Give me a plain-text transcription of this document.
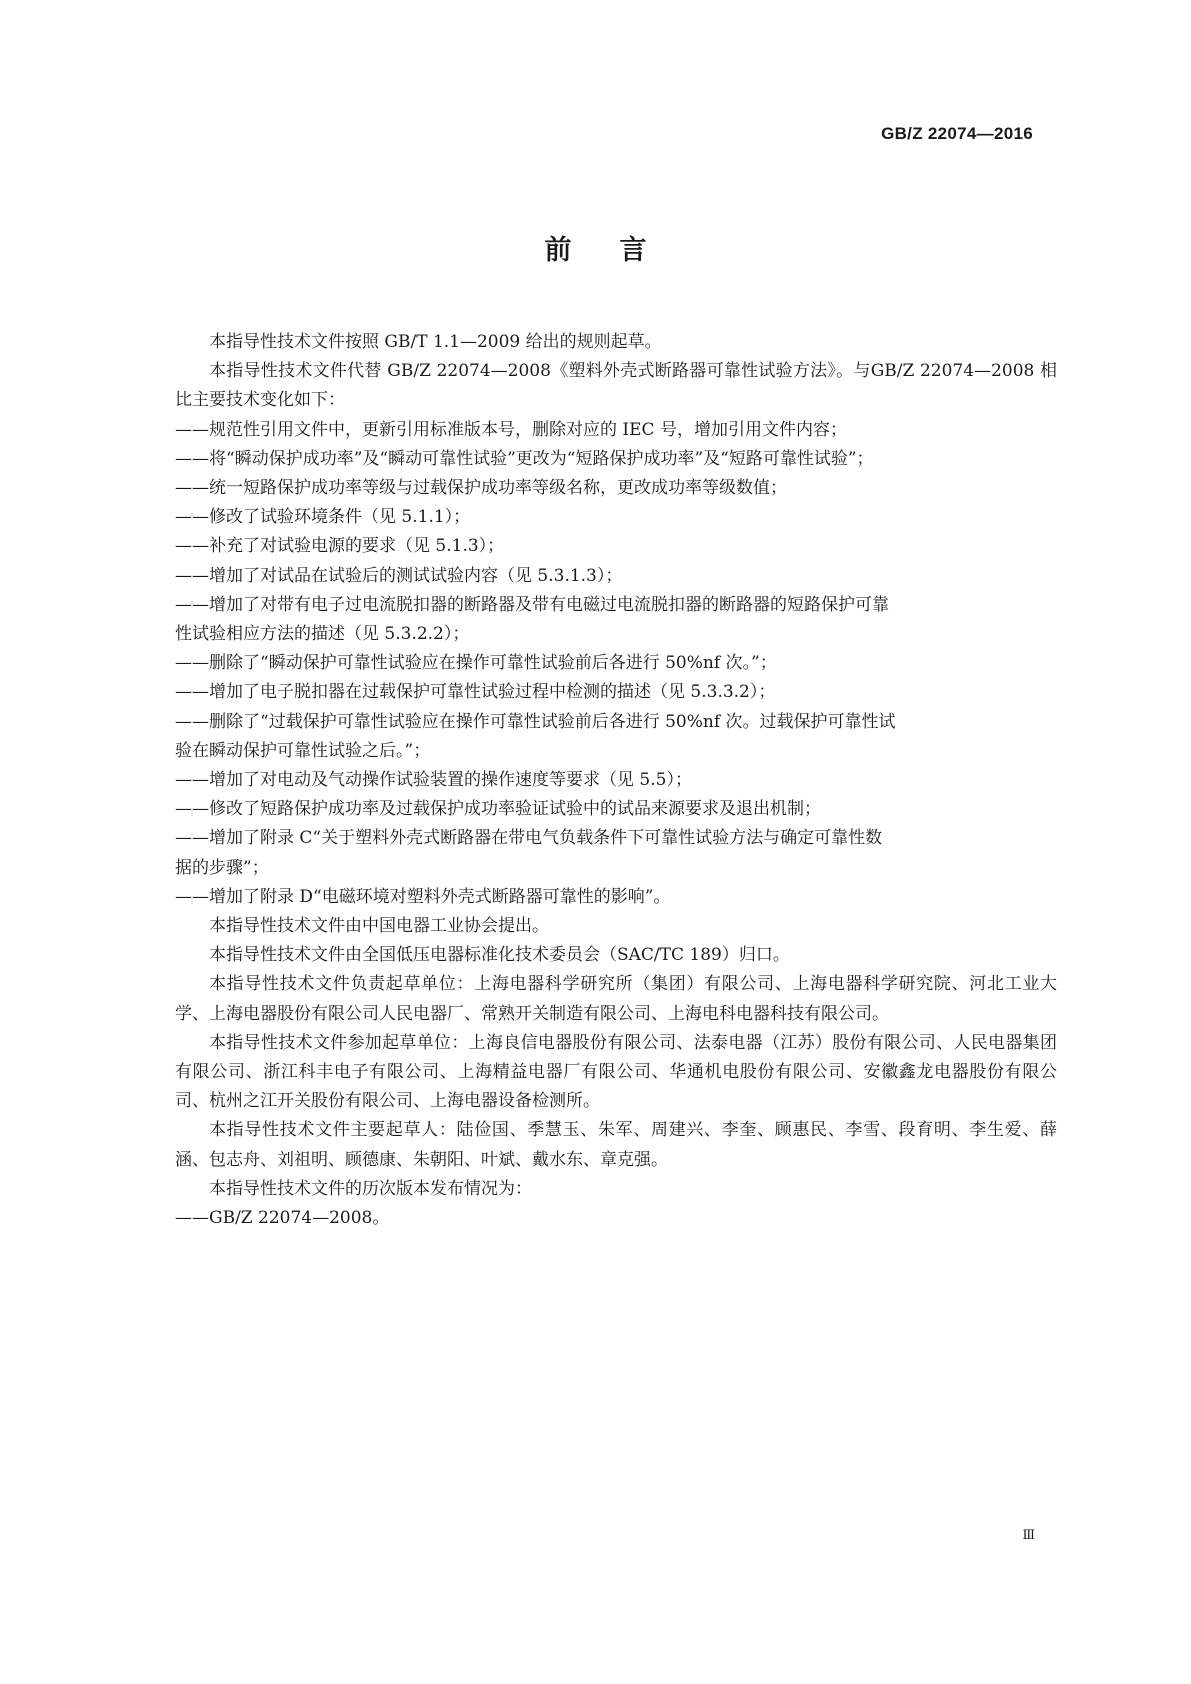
GB/Z 22074—2016
前言

本指导性技术文件按照 GB/T 1.1—2009 给出的规则起草。

本指导性技术文件代替 GB/Z 22074—2008《塑料外壳式断路器可靠性试验方法》。与GB/Z 22074—2008 相比主要技术变化如下：

——规范性引用文件中，更新引用标准版本号，删除对应的 IEC 号，增加引用文件内容；

——将“瞬动保护成功率”及“瞬动可靠性试验”更改为“短路保护成功率”及“短路可靠性试验”；

——统一短路保护成功率等级与过载保护成功率等级名称，更改成功率等级数值；

——修改了试验环境条件（见 5.1.1）；

——补充了对试验电源的要求（见 5.1.3）；

——增加了对试品在试验后的测试试验内容（见 5.3.1.3）；

——增加了对带有电子过电流脱扣器的断路器及带有电磁过电流脱扣器的断路器的短路保护可靠

性试验相应方法的描述（见 5.3.2.2）；

——删除了“瞬动保护可靠性试验应在操作可靠性试验前后各进行 50%nf 次。”；

——增加了电子脱扣器在过载保护可靠性试验过程中检测的描述（见 5.3.3.2）；

——删除了“过载保护可靠性试验应在操作可靠性试验前后各进行 50%nf 次。过载保护可靠性试

验在瞬动保护可靠性试验之后。”；

——增加了对电动及气动操作试验装置的操作速度等要求（见 5.5）；

——修改了短路保护成功率及过载保护成功率验证试验中的试品来源要求及退出机制；

——增加了附录 C“关于塑料外壳式断路器在带电气负载条件下可靠性试验方法与确定可靠性数

据的步骤”；

——增加了附录 D“电磁环境对塑料外壳式断路器可靠性的影响”。

本指导性技术文件由中国电器工业协会提出。

本指导性技术文件由全国低压电器标准化技术委员会（SAC/TC 189）归口。

本指导性技术文件负责起草单位：上海电器科学研究所（集团）有限公司、上海电器科学研究院、河北工业大学、上海电器股份有限公司人民电器厂、常熟开关制造有限公司、上海电科电器科技有限公司。

本指导性技术文件参加起草单位：上海良信电器股份有限公司、法泰电器（江苏）股份有限公司、人民电器集团有限公司、浙江科丰电子有限公司、上海精益电器厂有限公司、华通机电股份有限公司、安徽鑫龙电器股份有限公司、杭州之江开关股份有限公司、上海电器设备检测所。

本指导性技术文件主要起草人：陆俭国、季慧玉、朱军、周建兴、李奎、顾惠民、李雪、段育明、李生爱、薛涵、包志舟、刘祖明、顾德康、朱朝阳、叶斌、戴水东、章克强。

本指导性技术文件的历次版本发布情况为：

——GB/Z 22074—2008。

Ⅲ
